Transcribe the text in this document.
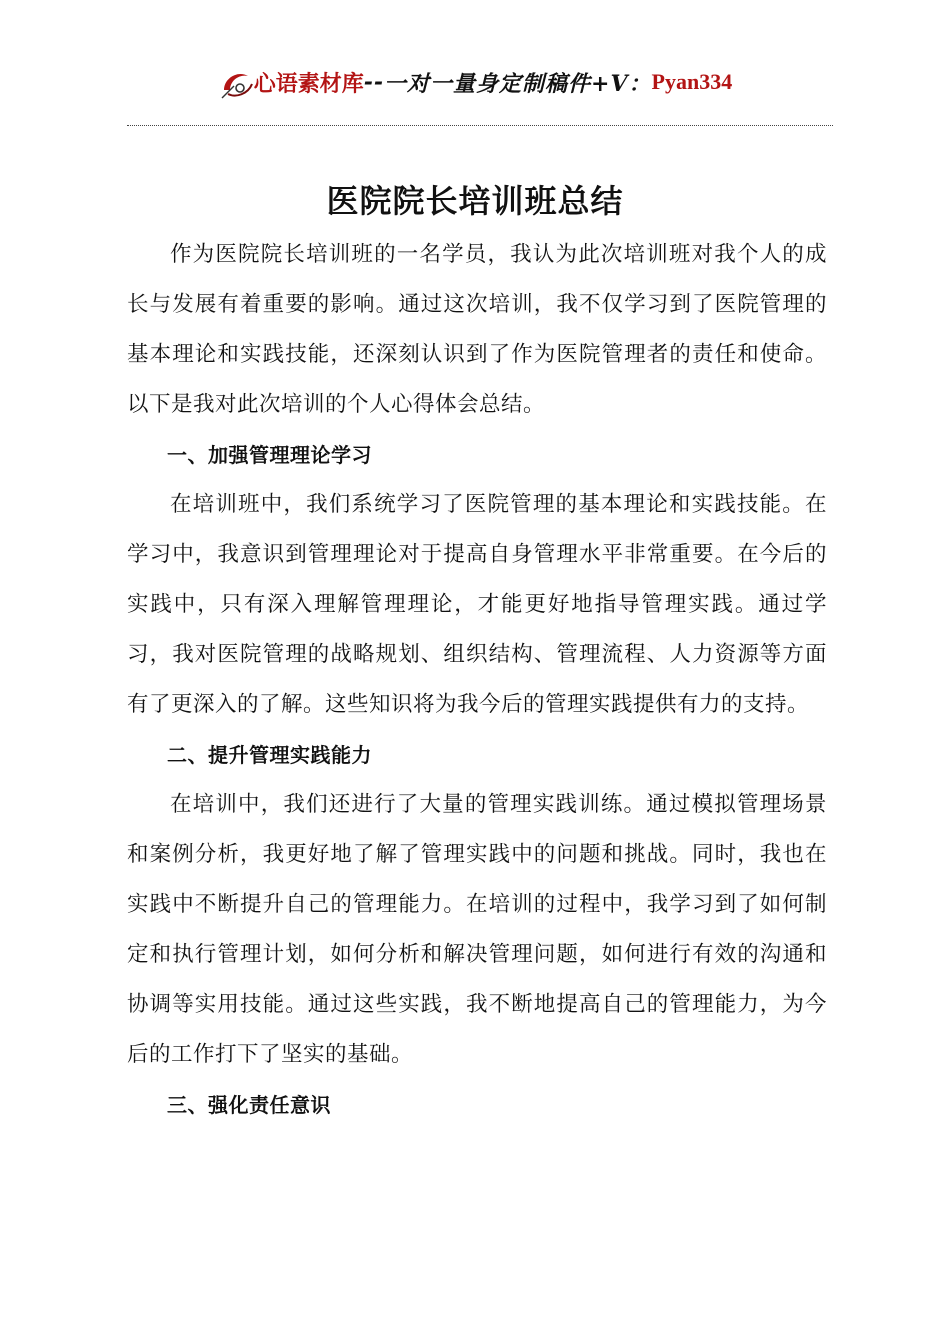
心语素材库 -- 一对一量身定制稿件+V： Pyan334
医院院长培训班总结

作为医院院长培训班的一名学员，我认为此次培训班对我个人的成长与发展有着重要的影响。通过这次培训，我不仅学习到了医院管理的基本理论和实践技能，还深刻认识到了作为医院管理者的责任和使命。以下是我对此次培训的个人心得体会总结。

一、加强管理理论学习

在培训班中，我们系统学习了医院管理的基本理论和实践技能。在学习中，我意识到管理理论对于提高自身管理水平非常重要。在今后的实践中，只有深入理解管理理论，才能更好地指导管理实践。通过学习，我对医院管理的战略规划、组织结构、管理流程、人力资源等方面有了更深入的了解。这些知识将为我今后的管理实践提供有力的支持。

二、提升管理实践能力

在培训中，我们还进行了大量的管理实践训练。通过模拟管理场景和案例分析，我更好地了解了管理实践中的问题和挑战。同时，我也在实践中不断提升自己的管理能力。在培训的过程中，我学习到了如何制定和执行管理计划，如何分析和解决管理问题，如何进行有效的沟通和协调等实用技能。通过这些实践，我不断地提高自己的管理能力，为今后的工作打下了坚实的基础。

三、强化责任意识
